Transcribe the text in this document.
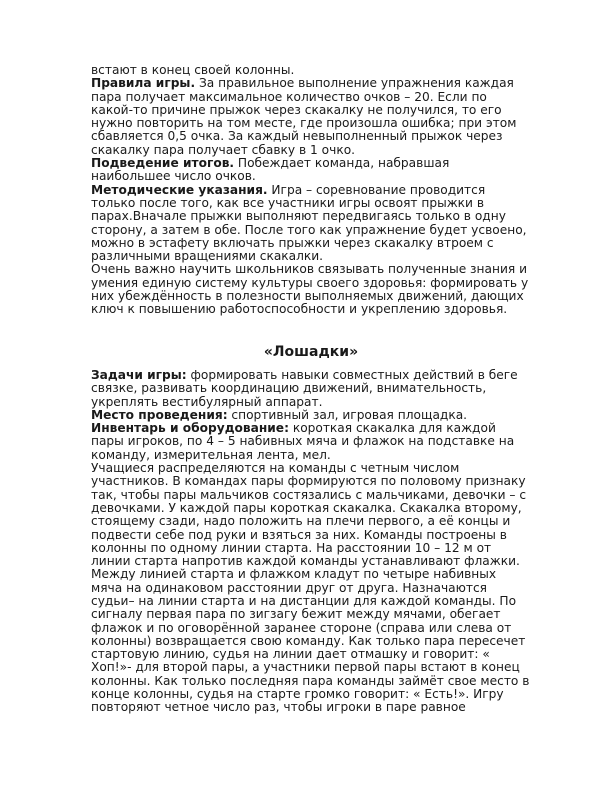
встают в конец своей колонны.

Правила игры. За правильное выполнение упражнения каждая пара получает максимальное количество очков – 20. Если по какой-то причине прыжок через скакалку не получился, то его нужно повторить на том месте, где произошла ошибка; при этом сбавляется 0,5 очка. За каждый невыполненный прыжок через скакалку пара получает сбавку в 1 очко.

Подведение итогов. Побеждает команда, набравшая наибольшее число очков.

Методические указания. Игра – соревнование проводится только после того, как все участники игры освоят прыжки в парах.Вначале прыжки выполняют передвигаясь только в одну сторону, а затем в обе. После того как упражнение будет усвоено, можно в эстафету включать прыжки через скакалку втроем с различными вращениями скакалки.

Очень важно научить школьников связывать полученные знания и умения единую систему культуры своего здоровья: формировать у них убеждённость в полезности выполняемых движений, дающих ключ к повышению работоспособности и укреплению здоровья.

«Лошадки»

Задачи игры: формировать навыки совместных действий в беге связке, развивать координацию движений, внимательность, укреплять вестибулярный аппарат.

Место проведения: спортивный зал, игровая площадка.

Инвентарь и оборудование: короткая скакалка для каждой пары игроков, по 4 – 5 набивных мяча и флажок на подставке на команду, измерительная лента, мел.

Учащиеся распределяются на команды с четным числом участников. В командах пары формируются по половому признаку так, чтобы пары мальчиков состязались с мальчиками, девочки – с девочками. У каждой пары короткая скакалка. Скакалка второму, стоящему сзади, надо положить на плечи первого, а её концы и подвести себе под руки и взяться за них. Команды построены в колонны по одному линии старта. На расстоянии 10 – 12 м от линии старта напротив каждой команды устанавливают флажки. Между линией старта и флажком кладут по четыре набивных мяча на одинаковом расстоянии друг от друга. Назначаются судьи– на линии старта и на дистанции для каждой команды. По сигналу первая пара по зигзагу бежит между мячами, обегает флажок и по оговорённой заранее стороне (справа или слева от колонны) возвращается свою команду. Как только пара пересечет стартовую линию, судья на линии дает отмашку и говорит: « Хоп!»- для второй пары, а участники первой пары встают в конец колонны. Как только последняя пара команды займёт свое место в конце колонны, судья на старте громко говорит: « Есть!». Игру повторяют четное число раз, чтобы игроки в паре равное
